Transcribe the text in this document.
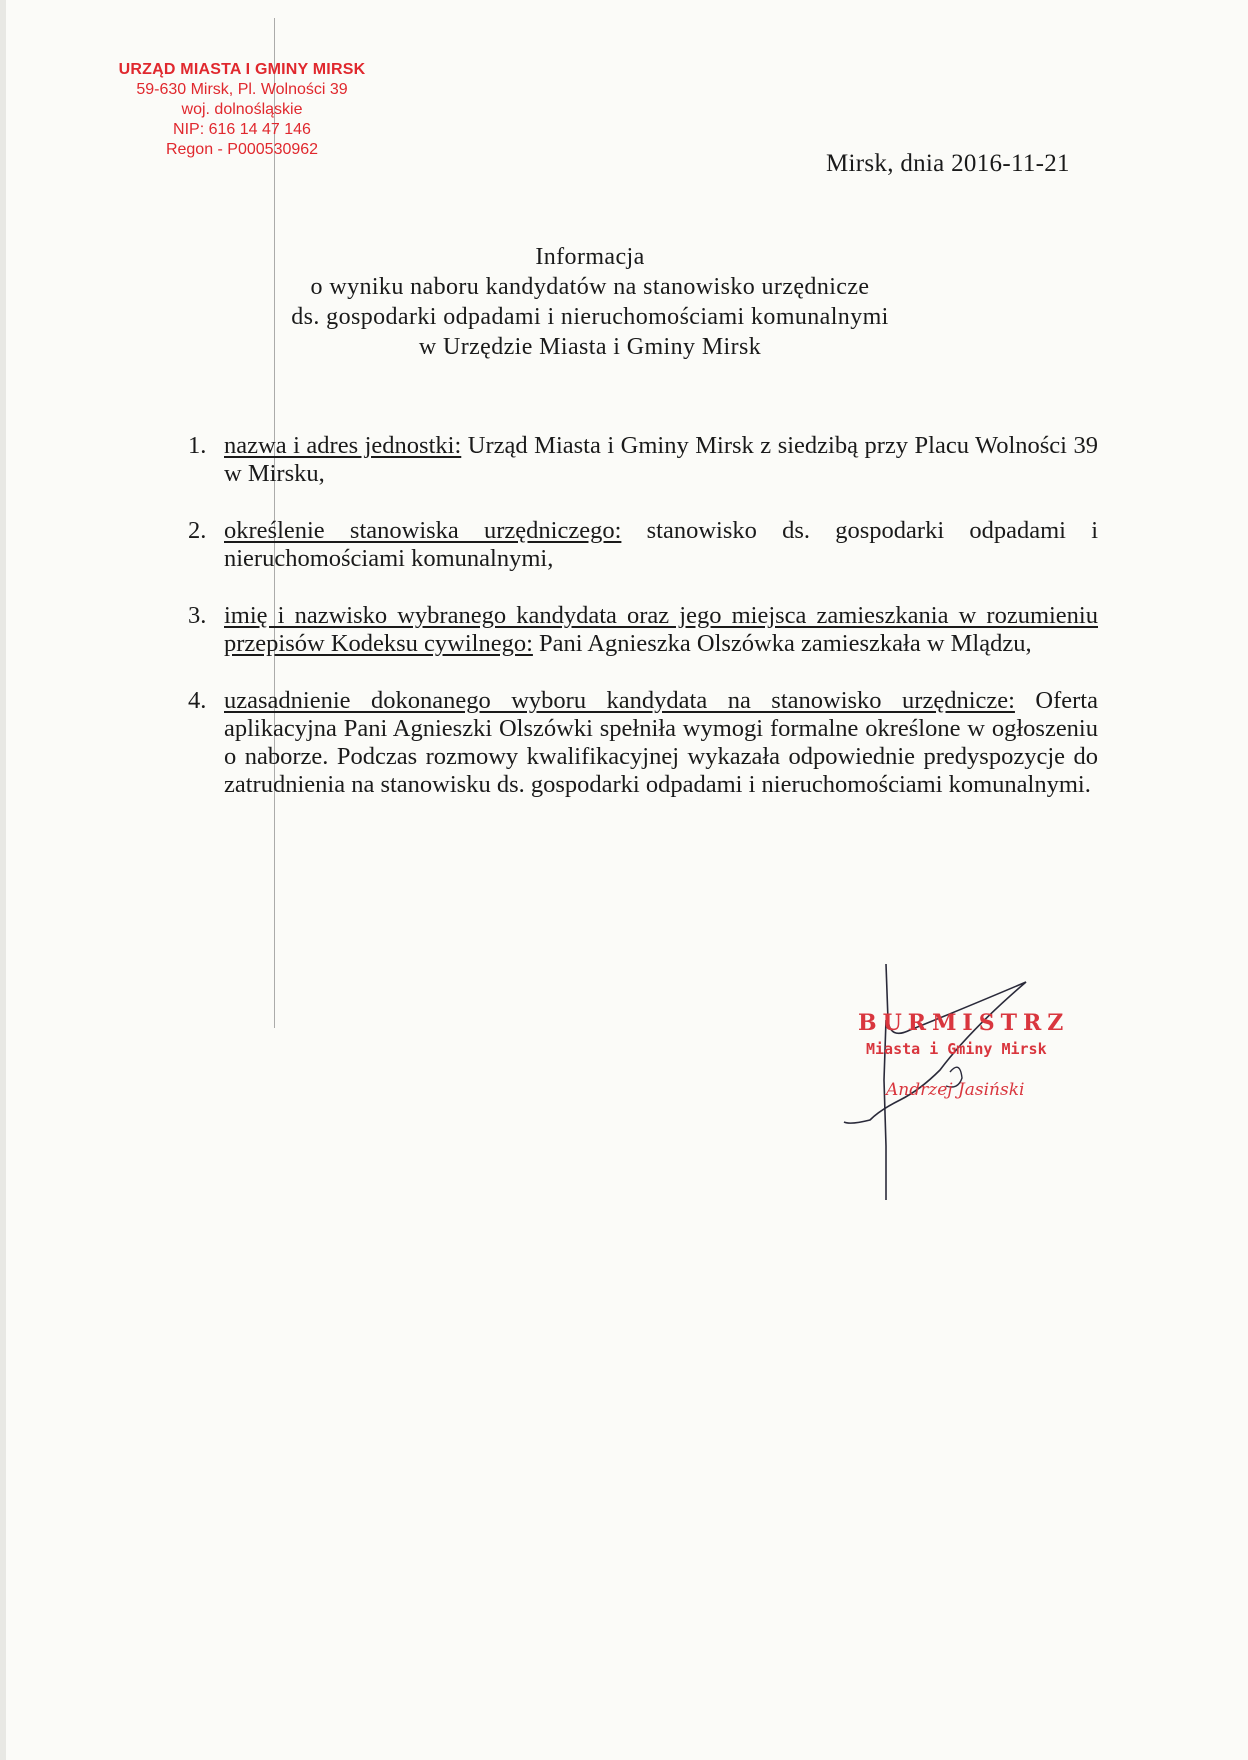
URZĄD MIASTA I GMINY MIRSK
59-630 Mirsk, Pl. Wolności 39
woj. dolnośląskie
NIP: 616 14 47 146
Regon - P000530962
Mirsk, dnia 2016-11-21
Informacja
o wyniku naboru kandydatów na stanowisko urzędnicze
ds. gospodarki odpadami i nieruchomościami komunalnymi
w Urzędzie Miasta i Gminy Mirsk
1. nazwa i adres jednostki: Urząd Miasta i Gminy Mirsk z siedzibą przy Placu Wolności 39 w Mirsku,
2. określenie stanowiska urzędniczego: stanowisko ds. gospodarki odpadami i nieruchomościami komunalnymi,
3. imię i nazwisko wybranego kandydata oraz jego miejsca zamieszkania w rozumieniu przepisów Kodeksu cywilnego: Pani Agnieszka Olszówka zamieszkała w Mlądzu,
4. uzasadnienie dokonanego wyboru kandydata na stanowisko urzędnicze: Oferta aplikacyjna Pani Agnieszki Olszówki spełniła wymogi formalne określone w ogłoszeniu o naborze. Podczas rozmowy kwalifikacyjnej wykazała odpowiednie predyspozycje do zatrudnienia na stanowisku ds. gospodarki odpadami i nieruchomościami komunalnymi.
BURMISTRZ
Miasta i Gminy Mirsk
Andrzej Jasiński
